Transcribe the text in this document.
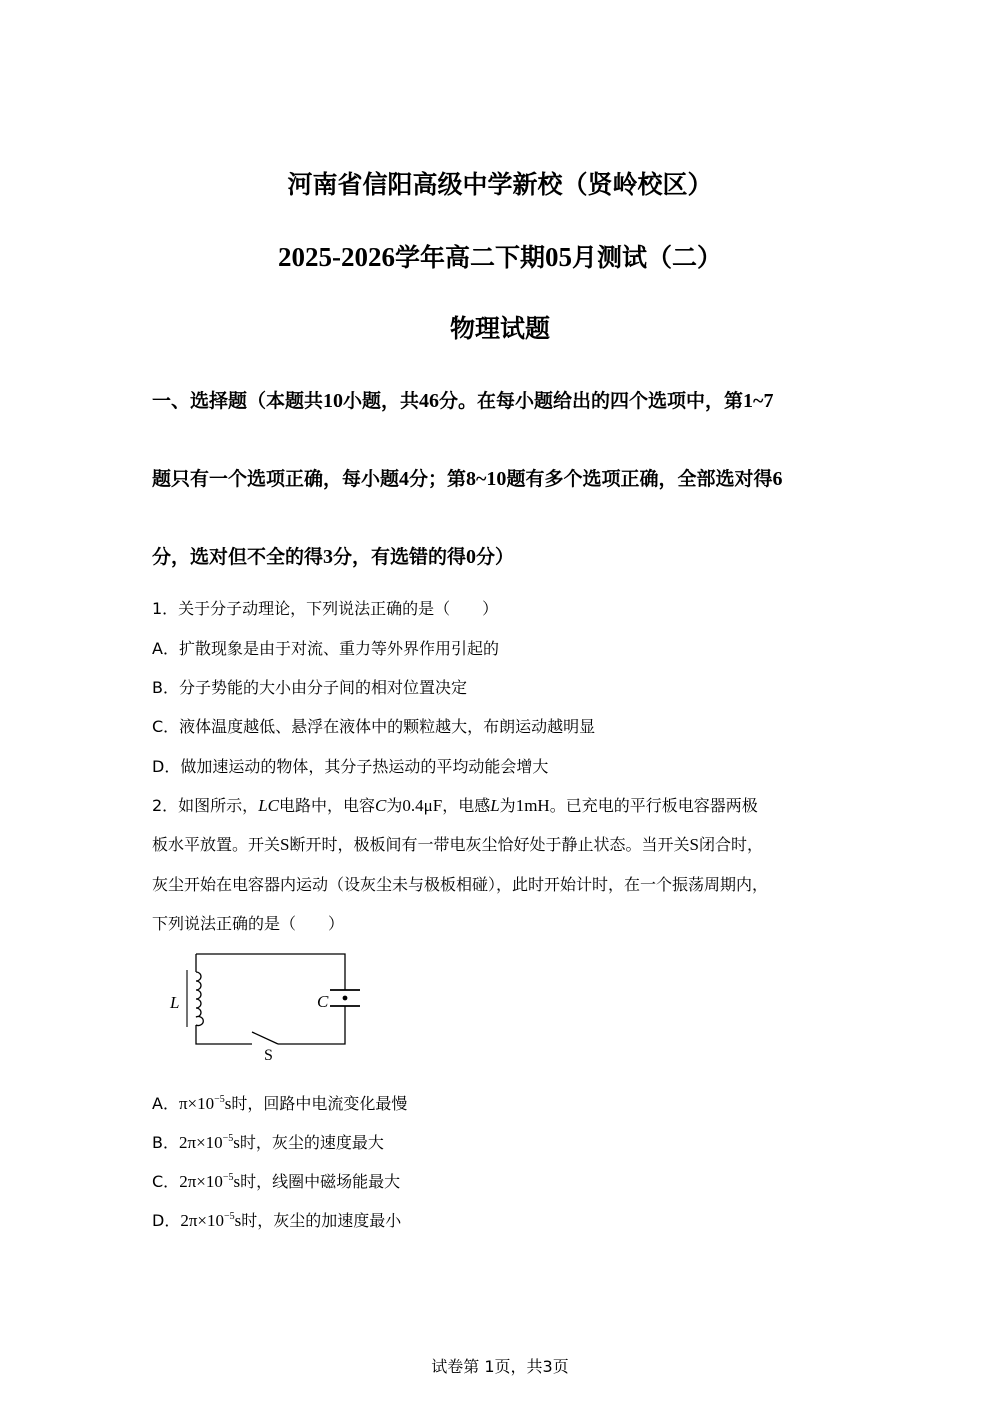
河南省信阳高级中学新校（贤岭校区）
2025-2026学年高二下期05月测试（二）
物理试题
一、选择题（本题共10小题，共46分。在每小题给出的四个选项中，第1~7
题只有一个选项正确，每小题4分；第8~10题有多个选项正确，全部选对得6
分，选对但不全的得3分，有选错的得0分）
1．关于分子动理论，下列说法正确的是（　　）
A．扩散现象是由于对流、重力等外界作用引起的
B．分子势能的大小由分子间的相对位置决定
C．液体温度越低、悬浮在液体中的颗粒越大，布朗运动越明显
D．做加速运动的物体，其分子热运动的平均动能会增大
2．如图所示，LC电路中，电容C为0.4μF，电感L为1mH。已充电的平行板电容器两极
板水平放置。开关S断开时，极板间有一带电灰尘恰好处于静止状态。当开关S闭合时，
灰尘开始在电容器内运动（设灰尘未与极板相碰），此时开始计时，在一个振荡周期内，
下列说法正确的是（　　）
L	C
S
A．$\pi\times 10^{-5}s$时，回路中电流变化最慢
B．$2\pi\times 10^{-5}s$时，灰尘的速度最大
C．$2\pi\times 10^{-5}s$时，线圈中磁场能最大
D．$2\pi\times 10^{-5}s$时，灰尘的加速度最小
试卷第 1页，共3页
